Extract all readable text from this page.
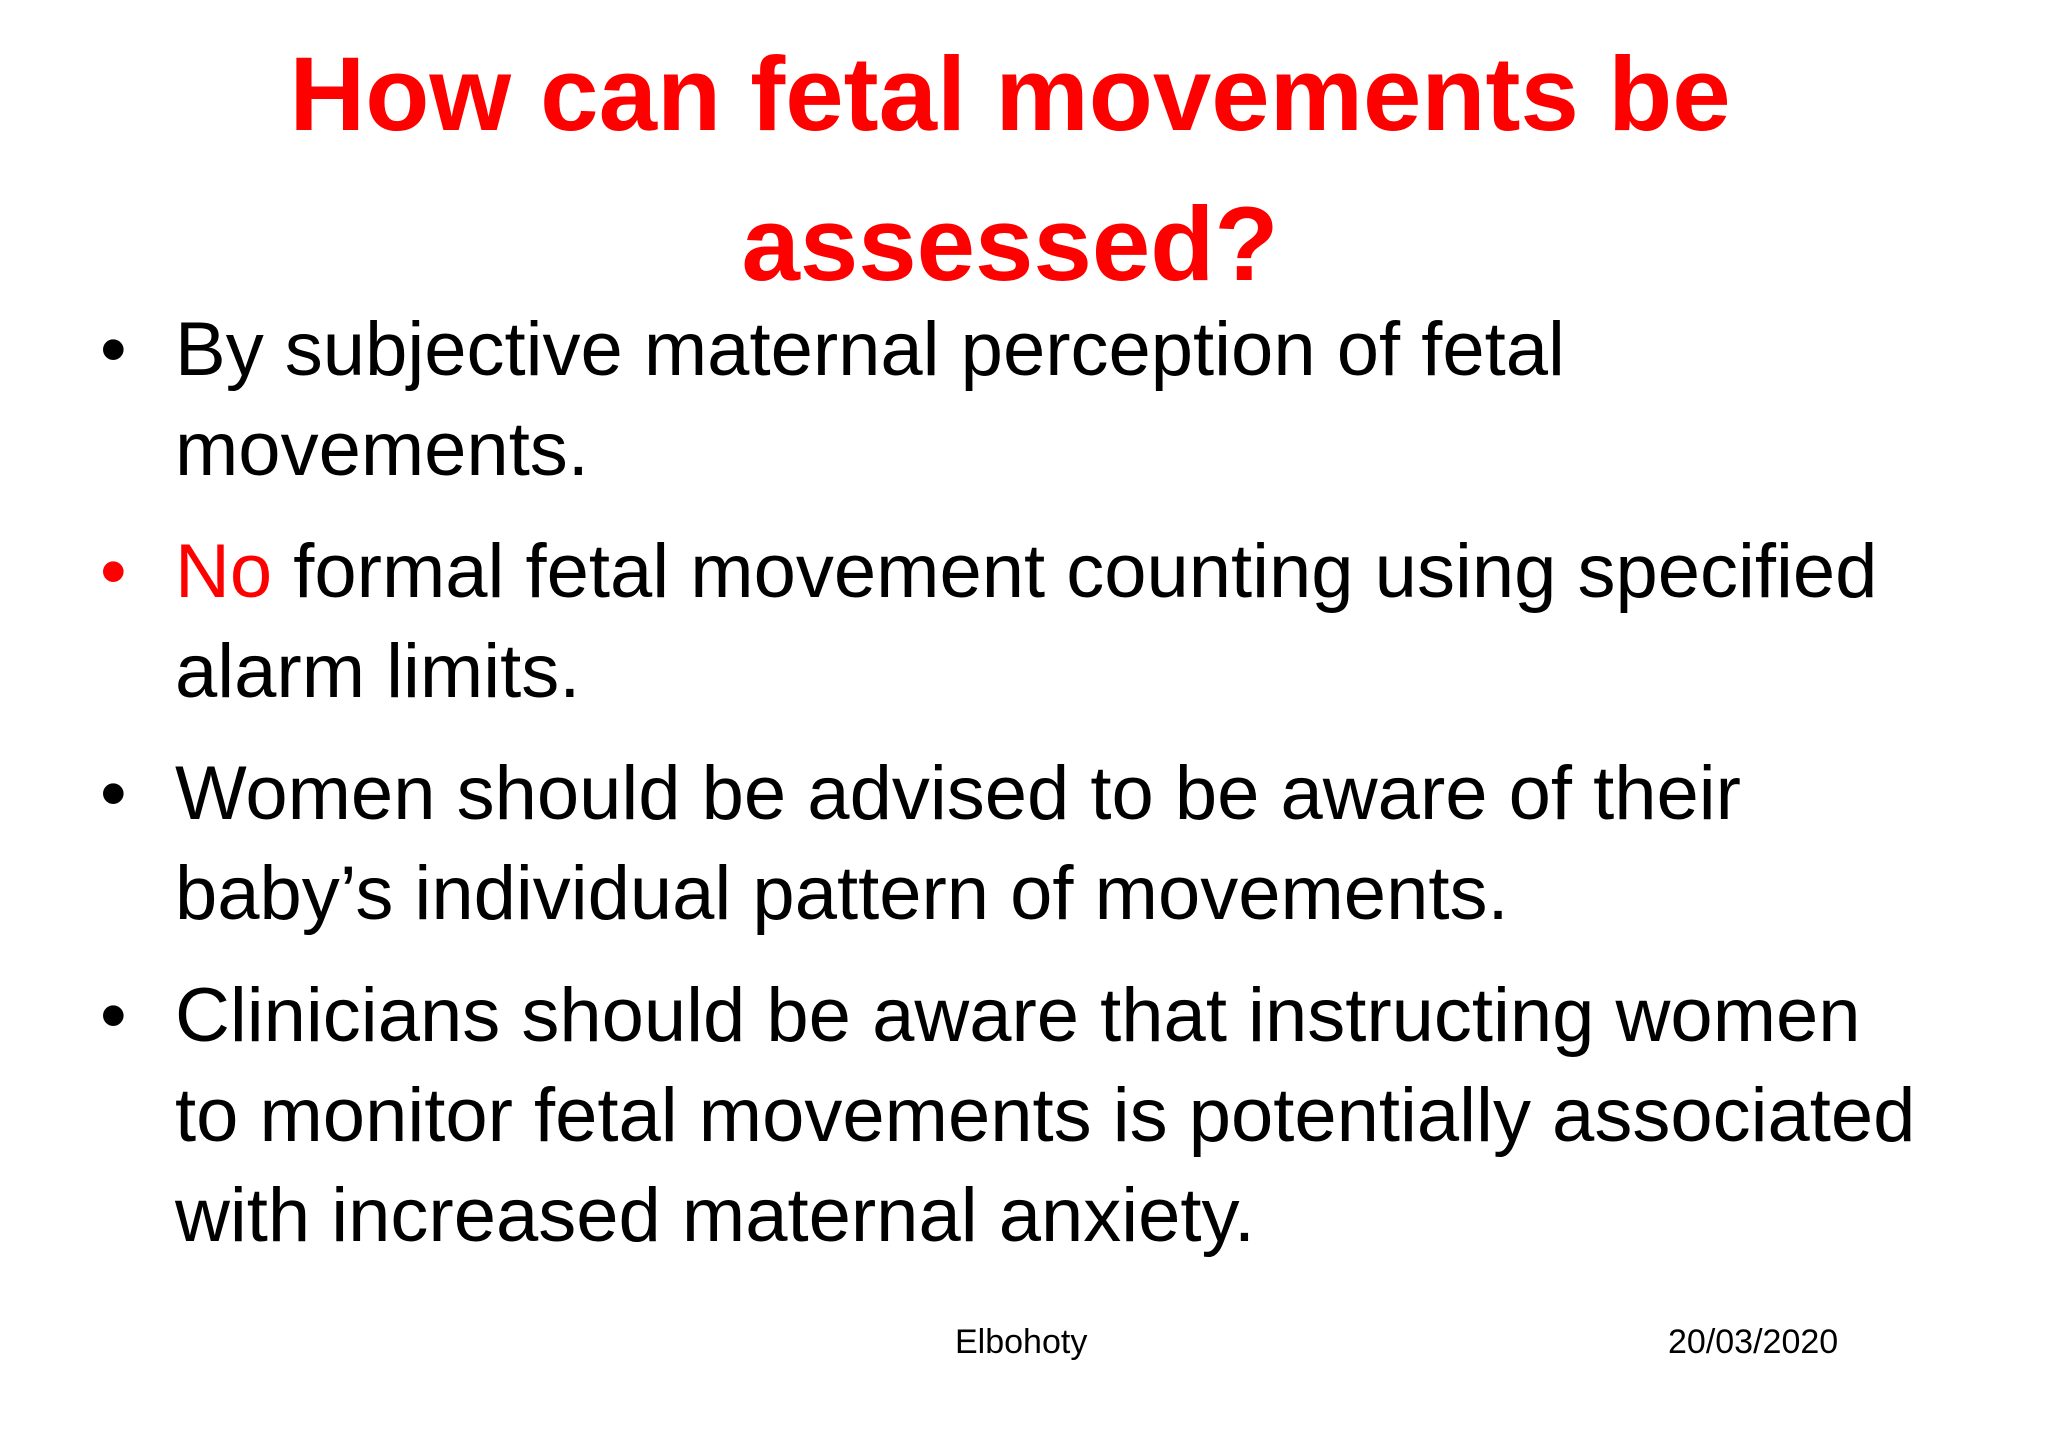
How can fetal movements be assessed?
• By subjective maternal perception of fetal movements.
• No formal fetal movement counting using specified alarm limits.
• Women should be advised to be aware of their baby’s individual pattern of movements.
• Clinicians should be aware that instructing women to monitor fetal movements is potentially associated with increased maternal anxiety.
Elbohoty	20/03/2020
